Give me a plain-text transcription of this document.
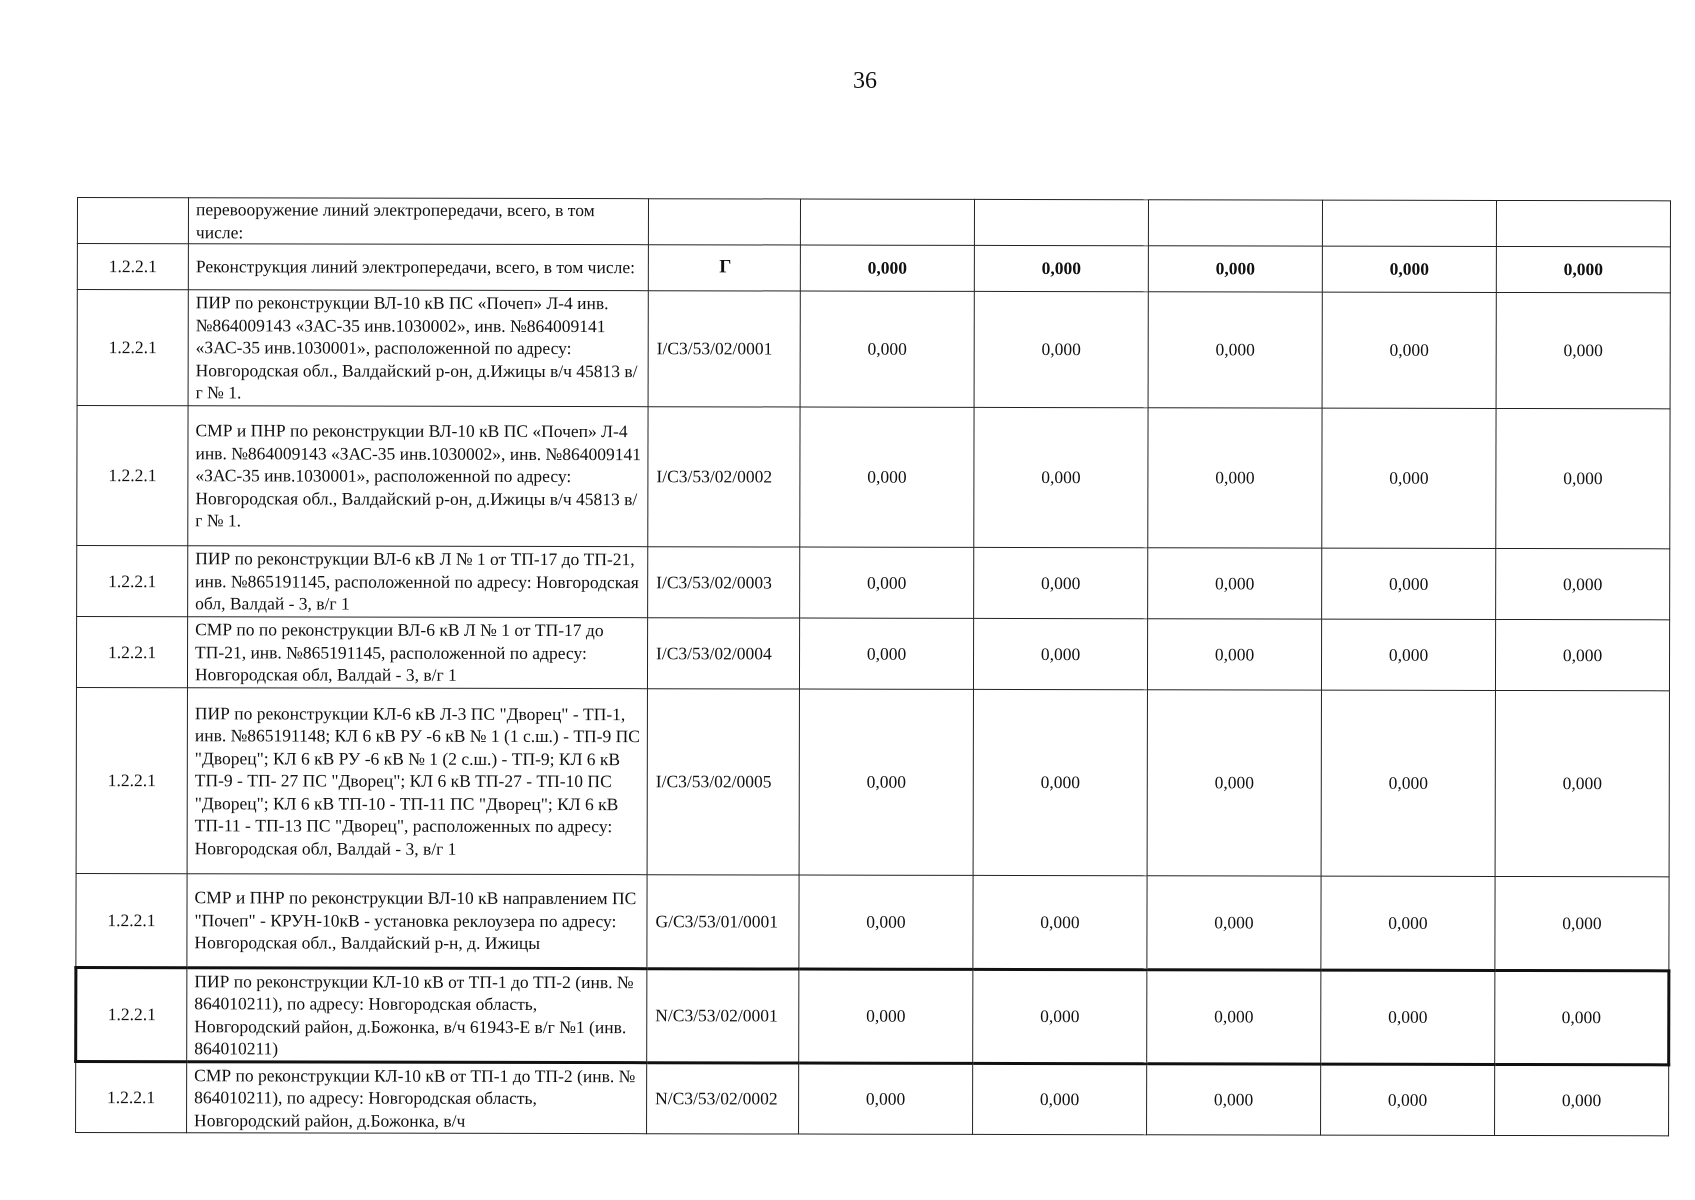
36
	перевооружение линий электропередачи, всего, в том числе:						
1.2.2.1	Реконструкция линий электропередачи, всего, в том числе:	Г	0,000	0,000	0,000	0,000	0,000
1.2.2.1	ПИР по реконструкции ВЛ-10 кВ ПС «Почеп» Л-4 инв. №864009143 «ЗАС-35 инв.1030002», инв. №864009141 «ЗАС-35 инв.1030001», расположенной по адресу: Новгородская обл., Валдайский р-он, д.Ижицы в/ч 45813 в/г № 1.	I/C3/53/02/0001	0,000	0,000	0,000	0,000	0,000
1.2.2.1	СМР и ПНР по реконструкции ВЛ-10 кВ ПС «Почеп» Л-4 инв. №864009143 «ЗАС-35 инв.1030002», инв. №864009141 «ЗАС-35 инв.1030001», расположенной по адресу: Новгородская обл., Валдайский р-он, д.Ижицы в/ч 45813 в/г № 1.	I/C3/53/02/0002	0,000	0,000	0,000	0,000	0,000
1.2.2.1	ПИР по реконструкции ВЛ-6 кВ Л № 1 от ТП-17 до ТП-21, инв. №865191145, расположенной по адресу: Новгородская обл, Валдай - 3, в/г 1	I/C3/53/02/0003	0,000	0,000	0,000	0,000	0,000
1.2.2.1	СМР по по реконструкции ВЛ-6 кВ Л № 1 от ТП-17 до ТП-21, инв. №865191145, расположенной по адресу: Новгородская обл, Валдай - 3, в/г 1	I/C3/53/02/0004	0,000	0,000	0,000	0,000	0,000
1.2.2.1	ПИР по реконструкции КЛ-6 кВ Л-3 ПС "Дворец" - ТП-1, инв. №865191148; КЛ 6 кВ РУ -6 кВ № 1 (1 с.ш.) - ТП-9 ПС "Дворец"; КЛ 6 кВ РУ -6 кВ № 1 (2 с.ш.) - ТП-9; КЛ 6 кВ ТП-9 - ТП- 27 ПС "Дворец"; КЛ 6 кВ ТП-27 - ТП-10 ПС "Дворец"; КЛ 6 кВ ТП-10 - ТП-11 ПС "Дворец"; КЛ 6 кВ ТП-11 - ТП-13 ПС "Дворец", расположенных по адресу: Новгородская обл, Валдай - 3, в/г 1	I/C3/53/02/0005	0,000	0,000	0,000	0,000	0,000
1.2.2.1	СМР и ПНР по реконструкции ВЛ-10 кВ направлением ПС "Почеп" - КРУН-10кВ - установка реклоузера по адресу: Новгородская обл., Валдайский р-н, д. Ижицы	G/C3/53/01/0001	0,000	0,000	0,000	0,000	0,000
1.2.2.1	ПИР по реконструкции КЛ-10 кВ от ТП-1 до ТП-2 (инв. № 864010211), по адресу: Новгородская область, Новгородский район, д.Божонка, в/ч 61943-Е в/г №1 (инв. 864010211)	N/C3/53/02/0001	0,000	0,000	0,000	0,000	0,000
1.2.2.1	СМР по реконструкции КЛ-10 кВ от ТП-1 до ТП-2 (инв. № 864010211), по адресу: Новгородская область, Новгородский район, д.Божонка, в/ч	N/C3/53/02/0002	0,000	0,000	0,000	0,000	0,000
